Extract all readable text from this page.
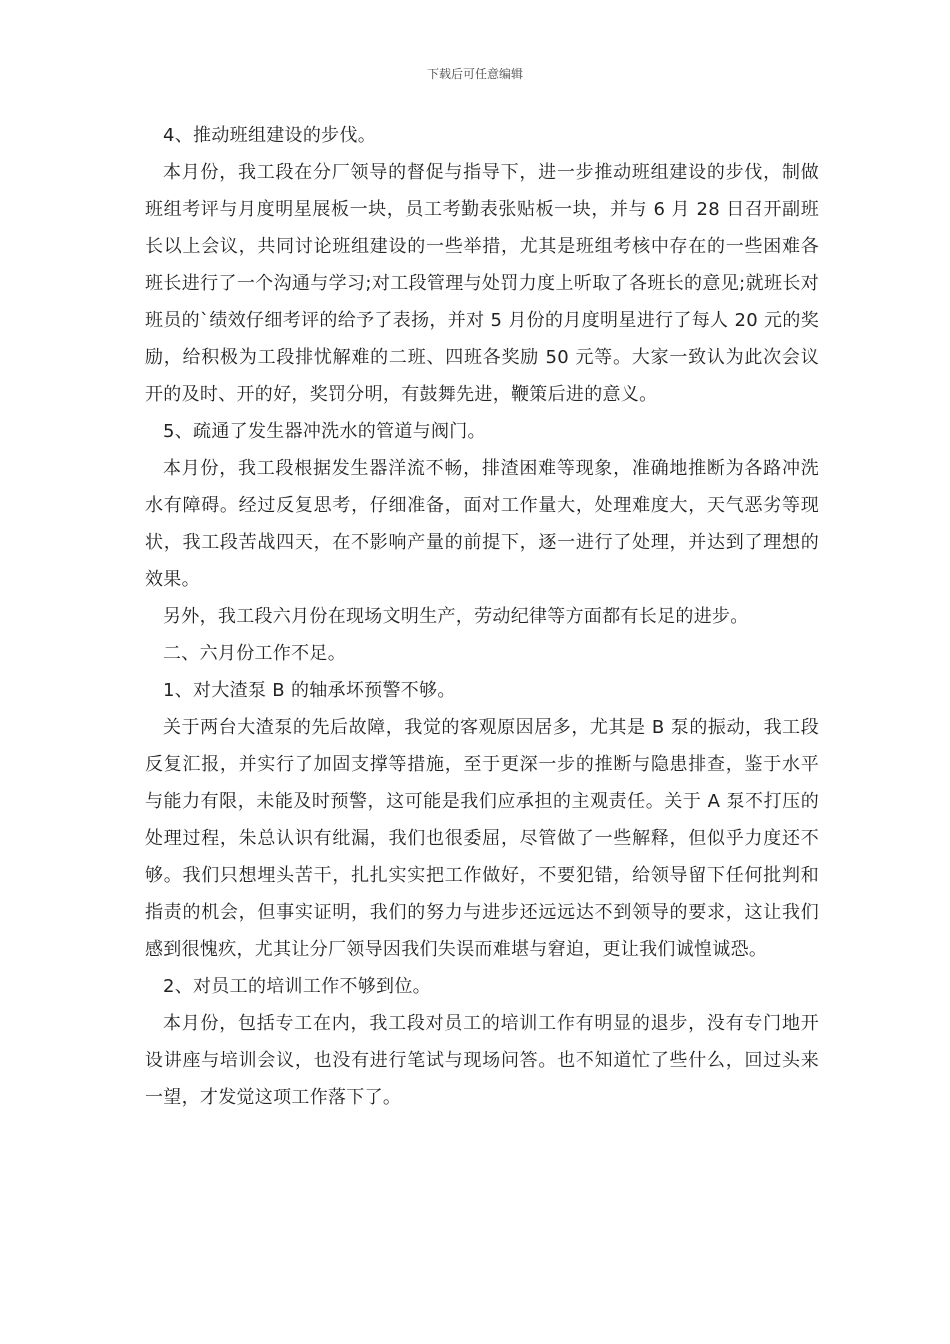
下载后可任意编辑

4、推动班组建设的步伐。

本月份，我工段在分厂领导的督促与指导下，进一步推动班组建设的步伐，制做班组考评与月度明星展板一块，员工考勤表张贴板一块，并与 6 月 28 日召开副班长以上会议，共同讨论班组建设的一些举措，尤其是班组考核中存在的一些困难各班长进行了一个沟通与学习;对工段管理与处罚力度上听取了各班长的意见;就班长对班员的`绩效仔细考评的给予了表扬，并对 5 月份的月度明星进行了每人 20 元的奖励，给积极为工段排忧解难的二班、四班各奖励 50 元等。大家一致认为此次会议开的及时、开的好，奖罚分明，有鼓舞先进，鞭策后进的意义。

5、疏通了发生器冲洗水的管道与阀门。

本月份，我工段根据发生器洋流不畅，排渣困难等现象，准确地推断为各路冲洗水有障碍。经过反复思考，仔细准备，面对工作量大，处理难度大，天气恶劣等现状，我工段苦战四天，在不影响产量的前提下，逐一进行了处理，并达到了理想的效果。

另外，我工段六月份在现场文明生产，劳动纪律等方面都有长足的进步。

二、六月份工作不足。

1、对大渣泵 B 的轴承坏预警不够。

关于两台大渣泵的先后故障，我觉的客观原因居多，尤其是 B 泵的振动，我工段反复汇报，并实行了加固支撑等措施，至于更深一步的推断与隐患排查，鉴于水平与能力有限，未能及时预警，这可能是我们应承担的主观责任。关于 A 泵不打压的处理过程，朱总认识有纰漏，我们也很委屈，尽管做了一些解释，但似乎力度还不够。我们只想埋头苦干，扎扎实实把工作做好，不要犯错，给领导留下任何批判和指责的机会，但事实证明，我们的努力与进步还远远达不到领导的要求，这让我们感到很愧疚，尤其让分厂领导因我们失误而难堪与窘迫，更让我们诚惶诚恐。

2、对员工的培训工作不够到位。

本月份，包括专工在内，我工段对员工的培训工作有明显的退步，没有专门地开设讲座与培训会议，也没有进行笔试与现场问答。也不知道忙了些什么，回过头来一望，才发觉这项工作落下了。
